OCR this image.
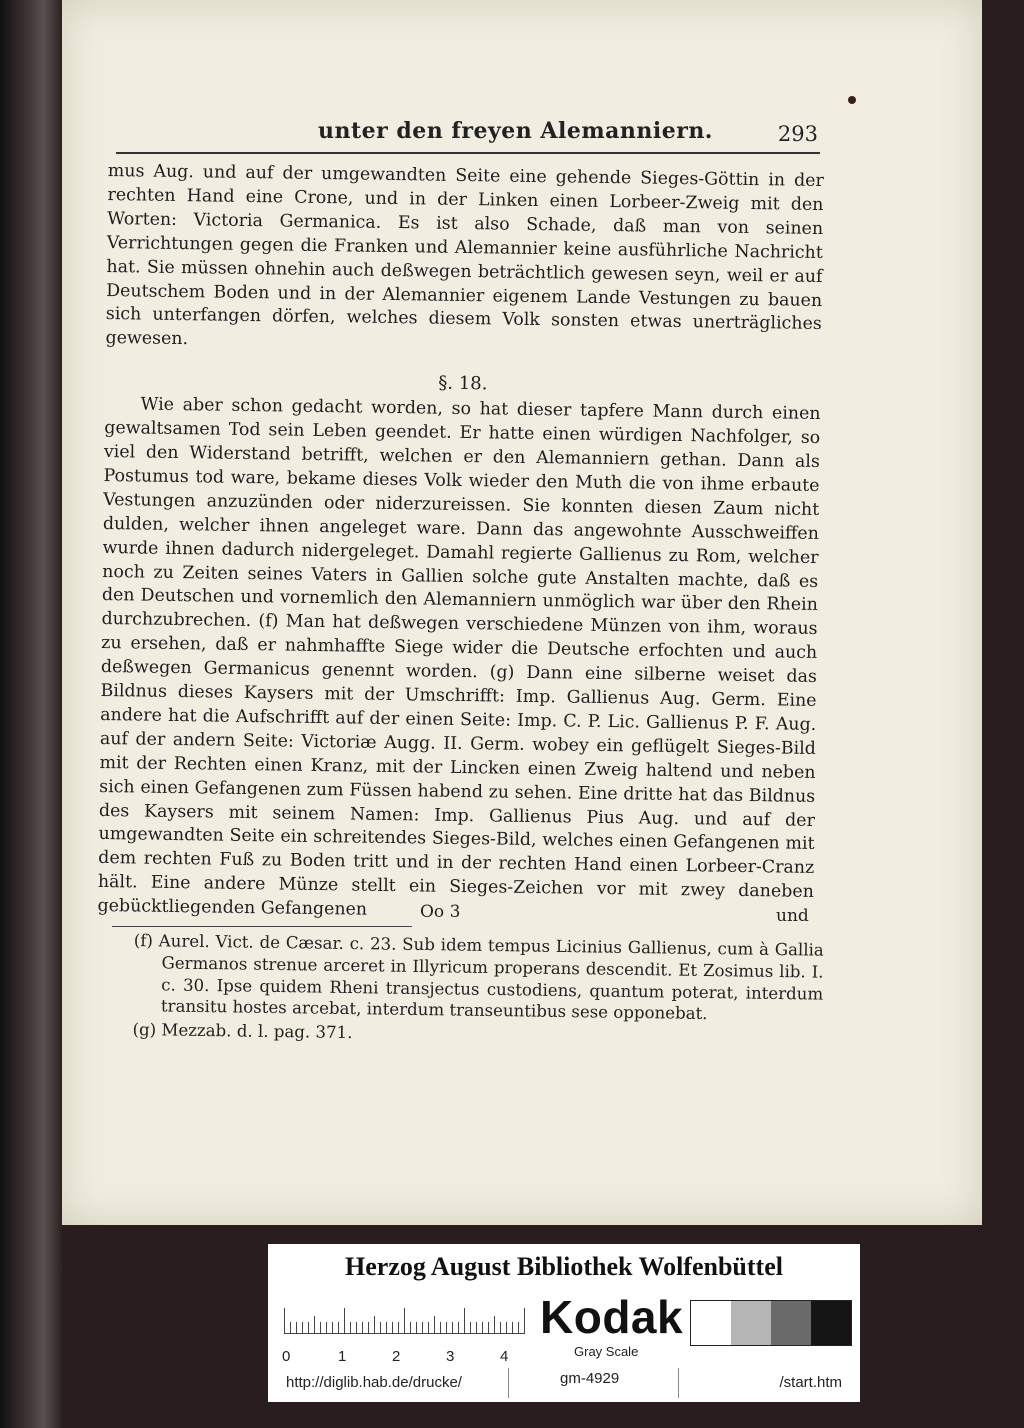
unter den freyen Alemanniern.	293

mus Aug. und auf der umgewandten Seite eine gehende Sieges-Göttin in der rechten Hand eine Crone, und in der Linken einen Lorbeer-Zweig mit den Worten: Victoria Germanica. Es ist also Schade, daß man von seinen Verrichtungen gegen die Franken und Alemannier keine ausführliche Nachricht hat. Sie müssen ohnehin auch deßwegen beträchtlich gewesen seyn, weil er auf Deutschem Boden und in der Alemannier eigenem Lande Vestungen zu bauen sich unterfangen dörfen, welches diesem Volk sonsten etwas unerträgliches gewesen.

§. 18.

Wie aber schon gedacht worden, so hat dieser tapfere Mann durch einen gewaltsamen Tod sein Leben geendet. Er hatte einen würdigen Nachfolger, so viel den Widerstand betrifft, welchen er den Alemanniern gethan. Dann als Postumus tod ware, bekame dieses Volk wieder den Muth die von ihme erbaute Vestungen anzuzünden oder niderzureissen. Sie konnten diesen Zaum nicht dulden, welcher ihnen angeleget ware. Dann das angewohnte Ausschweiffen wurde ihnen dadurch nidergeleget. Damahl regierte Gallienus zu Rom, welcher noch zu Zeiten seines Vaters in Gallien solche gute Anstalten machte, daß es den Deutschen und vornemlich den Alemanniern unmöglich war über den Rhein durchzubrechen. (f) Man hat deßwegen verschiedene Münzen von ihm, woraus zu ersehen, daß er nahmhaffte Siege wider die Deutsche erfochten und auch deßwegen Germanicus genennt worden. (g) Dann eine silberne weiset das Bildnus dieses Kaysers mit der Umschrifft: Imp. Gallienus Aug. Germ. Eine andere hat die Aufschrifft auf der einen Seite: Imp. C. P. Lic. Gallienus P. F. Aug. auf der andern Seite: Victoriæ Augg. II. Germ. wobey ein geflügelt Sieges-Bild mit der Rechten einen Kranz, mit der Lincken einen Zweig haltend und neben sich einen Gefangenen zum Füssen habend zu sehen. Eine dritte hat das Bildnus des Kaysers mit seinem Namen: Imp. Gallienus Pius Aug. und auf der umgewandten Seite ein schreitendes Sieges-Bild, welches einen Gefangenen mit dem rechten Fuß zu Boden tritt und in der rechten Hand einen Lorbeer-Cranz hält. Eine andere Münze stellt ein Sieges-Zeichen vor mit zwey daneben gebücktliegenden Gefangenen	Oo 3	und

(f) Aurel. Vict. de Cæsar. c. 23. Sub idem tempus Licinius Gallienus, cum à Gallia Germanos strenue arceret in Illyricum properans descendit. Et Zosimus lib. I. c. 30. Ipse quidem Rheni transjectus custodiens, quantum poterat, interdum transitu hostes arcebat, interdum transeuntibus sese opponebat.

(g) Mezzab. d. l. pag. 371.

Herzog August Bibliothek Wolfenbüttel
0	1	2	3	4
Kodak
Gray Scale
http://diglib.hab.de/drucke/	gm-4929	/start.htm
